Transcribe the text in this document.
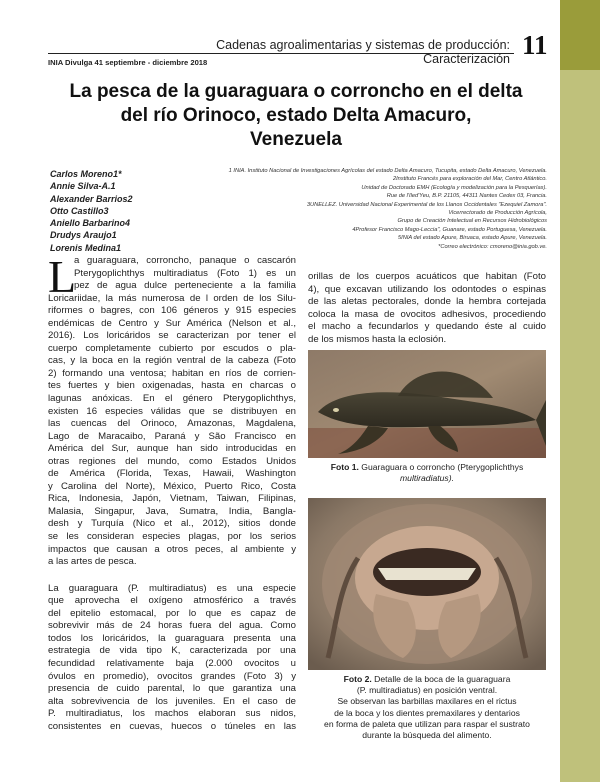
Cadenas agroalimentarias y sistemas de producción: Caracterización 11
INIA Divulga 41 septiembre - diciembre 2018
La pesca de la guaraguara o corroncho en el delta
del río Orinoco, estado Delta Amacuro,
Venezuela
Carlos Moreno1*
Annie Silva-A.1
Alexander Barrios2
Otto Castillo3
Aniello Barbarino4
Drudys Araujo1
Lorenis Medina1
1 INIA. Instituto Nacional de Investigaciones Agrícolas del estado Delta Amacuro, Tucupita, estado Delta Amacuro, Venezuela.
2Instituto Francés para exploración del Mar, Centro Atlántico.
Unidad de Doctorado EMH (Ecología y modelización para la Pesquerías).
Rue de l'Iled'Yeu, B.P. 21105, 44311 Nantes Cedex 03, Francia.
3UNELLEZ. Universidad Nacional Experimental de los Llanos Occidentales "Ezequiel Zamora".
Vicerrectorado de Producción Agrícola,
Grupo de Creación Intelectual en Recursos Hidrobiológicos
4Profesor Francisco Mago-Leccia", Guanare, estado Portuguesa, Venezuela.
5INIA del estado Apure, Biruaca, estado Apure, Venezuela.
*Correo electrónico: cmoreno@inia.gob.ve.
L
a guaraguara, corroncho, panaque o cascarón
Pterygoplichthys multiradiatus (Foto 1) es un
pez de agua dulce perteneciente a la familia
Loricariidae, la más numerosa de l orden de los Silu-
riformes o bagres, con 106 géneros y 915 especies
endémicas de Centro y Sur América (Nelson et al.,
2016). Los loricáridos se caracterizan por tener el
cuerpo completamente cubierto por escudos o pla-
cas, y la boca en la región ventral de la cabeza (Foto
2) formando una ventosa; habitan en ríos de corrien-
tes fuertes y bien oxigenadas, hasta en charcas o
lagunas anóxicas. En el género Pterygoplichthys,
existen 16 especies válidas que se distribuyen en
las cuencas del Orinoco, Amazonas, Magdalena,
Lago de Maracaibo, Paraná y São Francisco en
América del Sur, aunque han sido introducidas en
otras regiones del mundo, como Estados Unidos
de América (Florida, Texas, Hawaii, Washington
y Carolina del Norte), México, Puerto Rico, Costa
Rica, Indonesia, Japón, Vietnam, Taiwan, Filipinas,
Malasia, Singapur, Java, Sumatra, India, Bangla-
desh y Turquía (Nico et al., 2012), sitios donde
se les consideran especies plagas, por los serios
impactos que causan a otros peces, al ambiente y
a las artes de pesca.
La guaraguara (P. multiradiatus) es una especie
que aprovecha el oxígeno atmosférico a través
del epitelio estomacal, por lo que es capaz de
sobrevivir más de 24 horas fuera del agua. Como
todos los loricáridos, la guaraguara presenta una
estrategia de vida tipo K, caracterizada por una
fecundidad relativamente baja (2.000 ovocitos u
óvulos en promedio), ovocitos grandes (Foto 3) y
presencia de cuido parental, lo que garantiza una
alta sobrevivencia de los juveniles. En el caso de
P. multiradiatus, los machos elaboran sus nidos,
consistentes en cuevas, huecos o túneles en las
orillas de los cuerpos acuáticos que habitan (Foto
4), que excavan utilizando los odontodes o espinas
de las aletas pectorales, donde la hembra cortejada
coloca la masa de ovocitos adhesivos, procediendo
el macho a fecundarlos y quedando éste al cuido
de los mismos hasta la eclosión.
Foto 1. Guaraguara o corroncho (Pterygoplichthys
multiradiatus).
Foto 2. Detalle de la boca de la guaraguara
(P. multiradiatus) en posición ventral.
Se observan las barbillas maxilares en el rictus
de la boca y los dientes premaxilares y dentarios
en forma de paleta que utilizan para raspar el sustrato
durante la búsqueda del alimento.
